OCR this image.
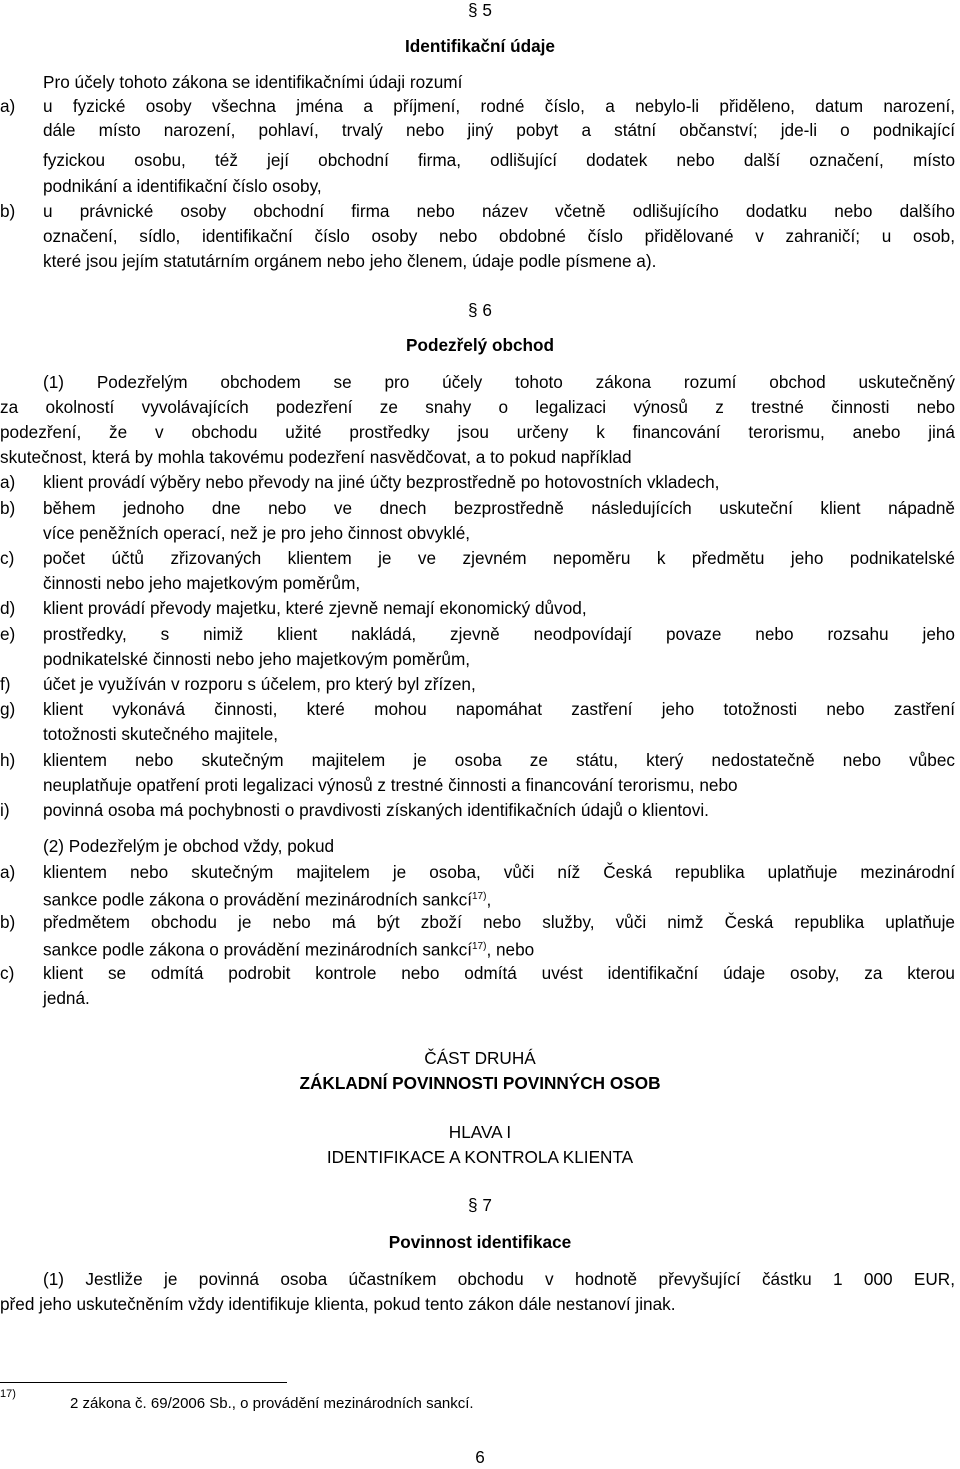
§ 5
Identifikační údaje
Pro účely tohoto zákona se identifikačními údaji rozumí
a) u fyzické osoby všechna jména a příjmení, rodné číslo, a nebylo-li přiděleno, datum narození,
dále místo narození, pohlaví, trvalý nebo jiný pobyt a státní občanství; jde-li o podnikající
fyzickou osobu, též její obchodní firma, odlišující dodatek nebo další označení, místo
podnikání a identifikační číslo osoby,
b) u právnické osoby obchodní firma nebo název včetně odlišujícího dodatku nebo dalšího
označení, sídlo, identifikační číslo osoby nebo obdobné číslo přidělované v zahraničí; u osob,
které jsou jejím statutárním orgánem nebo jeho členem, údaje podle písmene a).
§ 6
Podezřelý obchod
(1) Podezřelým obchodem se pro účely tohoto zákona rozumí obchod uskutečněný
za okolností vyvolávajících podezření ze snahy o legalizaci výnosů z trestné činnosti nebo
podezření, že v obchodu užité prostředky jsou určeny k financování terorismu, anebo jiná
skutečnost, která by mohla takovému podezření nasvědčovat, a to pokud například
a) klient provádí výběry nebo převody na jiné účty bezprostředně po hotovostních vkladech,
b) během jednoho dne nebo ve dnech bezprostředně následujících uskuteční klient nápadně
více peněžních operací, než je pro jeho činnost obvyklé,
c) počet účtů zřizovaných klientem je ve zjevném nepoměru k předmětu jeho podnikatelské
činnosti nebo jeho majetkovým poměrům,
d) klient provádí převody majetku, které zjevně nemají ekonomický důvod,
e) prostředky, s nimiž klient nakládá, zjevně neodpovídají povaze nebo rozsahu jeho
podnikatelské činnosti nebo jeho majetkovým poměrům,
f) účet je využíván v rozporu s účelem, pro který byl zřízen,
g) klient vykonává činnosti, které mohou napomáhat zastření jeho totožnosti nebo zastření
totožnosti skutečného majitele,
h) klientem nebo skutečným majitelem je osoba ze státu, který nedostatečně nebo vůbec
neuplatňuje opatření proti legalizaci výnosů z trestné činnosti a financování terorismu, nebo
i) povinná osoba má pochybnosti o pravdivosti získaných identifikačních údajů o klientovi.
(2) Podezřelým je obchod vždy, pokud
a) klientem nebo skutečným majitelem je osoba, vůči níž Česká republika uplatňuje mezinárodní
sankce podle zákona o provádění mezinárodních sankcí$^{17)}$,
b) předmětem obchodu je nebo má být zboží nebo služby, vůči nimž Česká republika uplatňuje
sankce podle zákona o provádění mezinárodních sankcí$^{17)}$, nebo
c) klient se odmítá podrobit kontrole nebo odmítá uvést identifikační údaje osoby, za kterou
jedná.
ČÁST DRUHÁ
ZÁKLADNÍ POVINNOSTI POVINNÝCH OSOB
HLAVA I
IDENTIFIKACE A KONTROLA KLIENTA
§ 7
Povinnost identifikace
(1) Jestliže je povinná osoba účastníkem obchodu v hodnotě převyšující částku 1 000 EUR,
před jeho uskutečněním vždy identifikuje klienta, pokud tento zákon dále nestanoví jinak.
17)
2 zákona č. 69/2006 Sb., o provádění mezinárodních sankcí.
6
